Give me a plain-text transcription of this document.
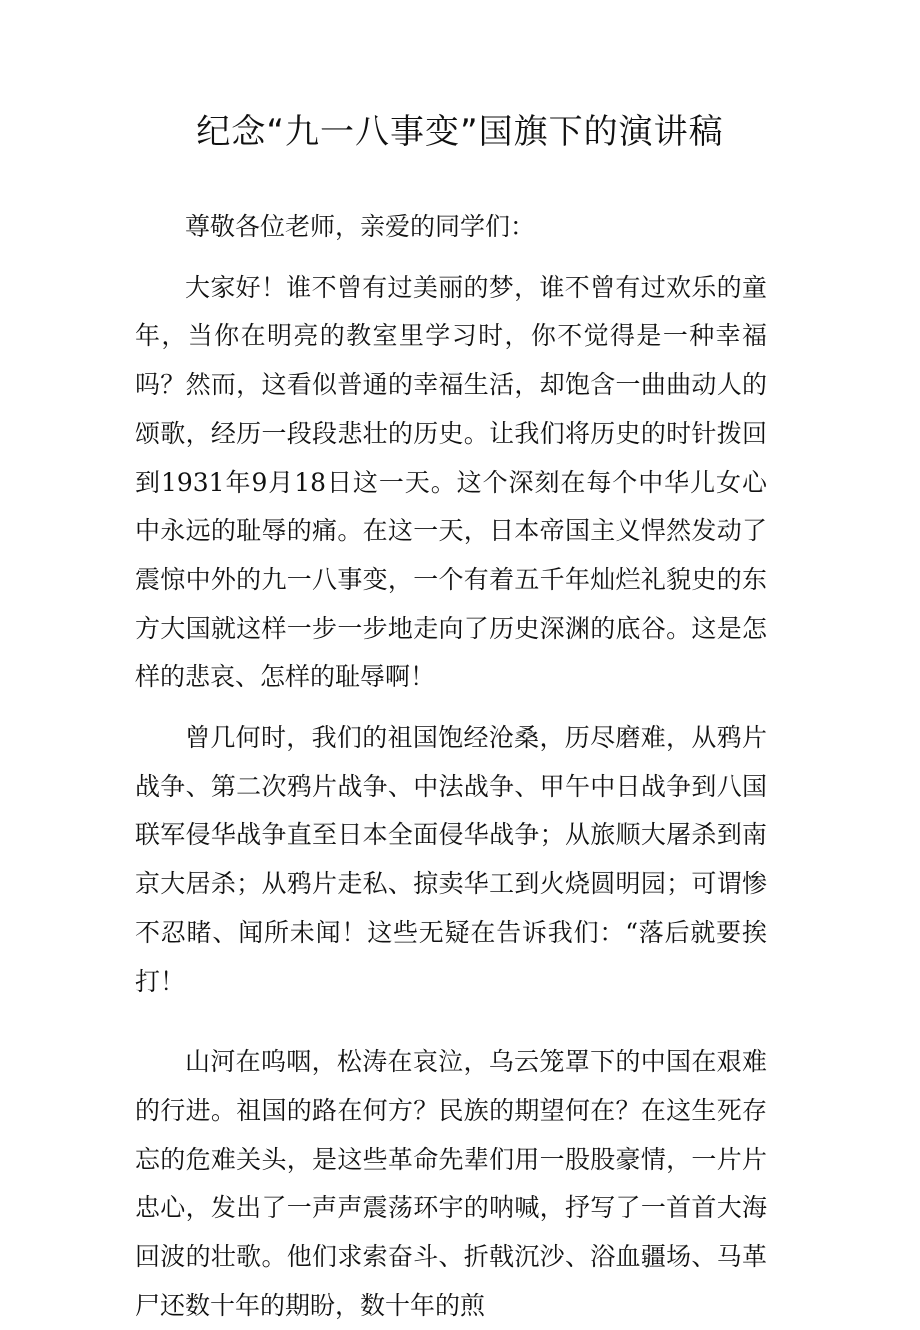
纪念“九一八事变”国旗下的演讲稿

尊敬各位老师，亲爱的同学们：

大家好！谁不曾有过美丽的梦，谁不曾有过欢乐的童年，当你在明亮的教室里学习时，你不觉得是一种幸福吗？然而，这看似普通的幸福生活，却饱含一曲曲动人的颂歌，经历一段段悲壮的历史。让我们将历史的时针拨回到1931年9月18日这一天。这个深刻在每个中华儿女心中永远的耻辱的痛。在这一天，日本帝国主义悍然发动了震惊中外的九一八事变，一个有着五千年灿烂礼貌史的东方大国就这样一步一步地走向了历史深渊的底谷。这是怎样的悲哀、怎样的耻辱啊！

曾几何时，我们的祖国饱经沧桑，历尽磨难，从鸦片战争、第二次鸦片战争、中法战争、甲午中日战争到八国联军侵华战争直至日本全面侵华战争；从旅顺大屠杀到南京大居杀；从鸦片走私、掠卖华工到火烧圆明园；可谓惨不忍睹、闻所未闻！这些无疑在告诉我们：“落后就要挨打！

山河在呜咽，松涛在哀泣，乌云笼罩下的中国在艰难的行进。祖国的路在何方？民族的期望何在？在这生死存忘的危难关头，是这些革命先辈们用一股股豪情，一片片忠心，发出了一声声震荡环宇的呐喊，抒写了一首首大海回波的壮歌。他们求索奋斗、折戟沉沙、浴血疆场、马革尸还数十年的期盼，数十年的煎
